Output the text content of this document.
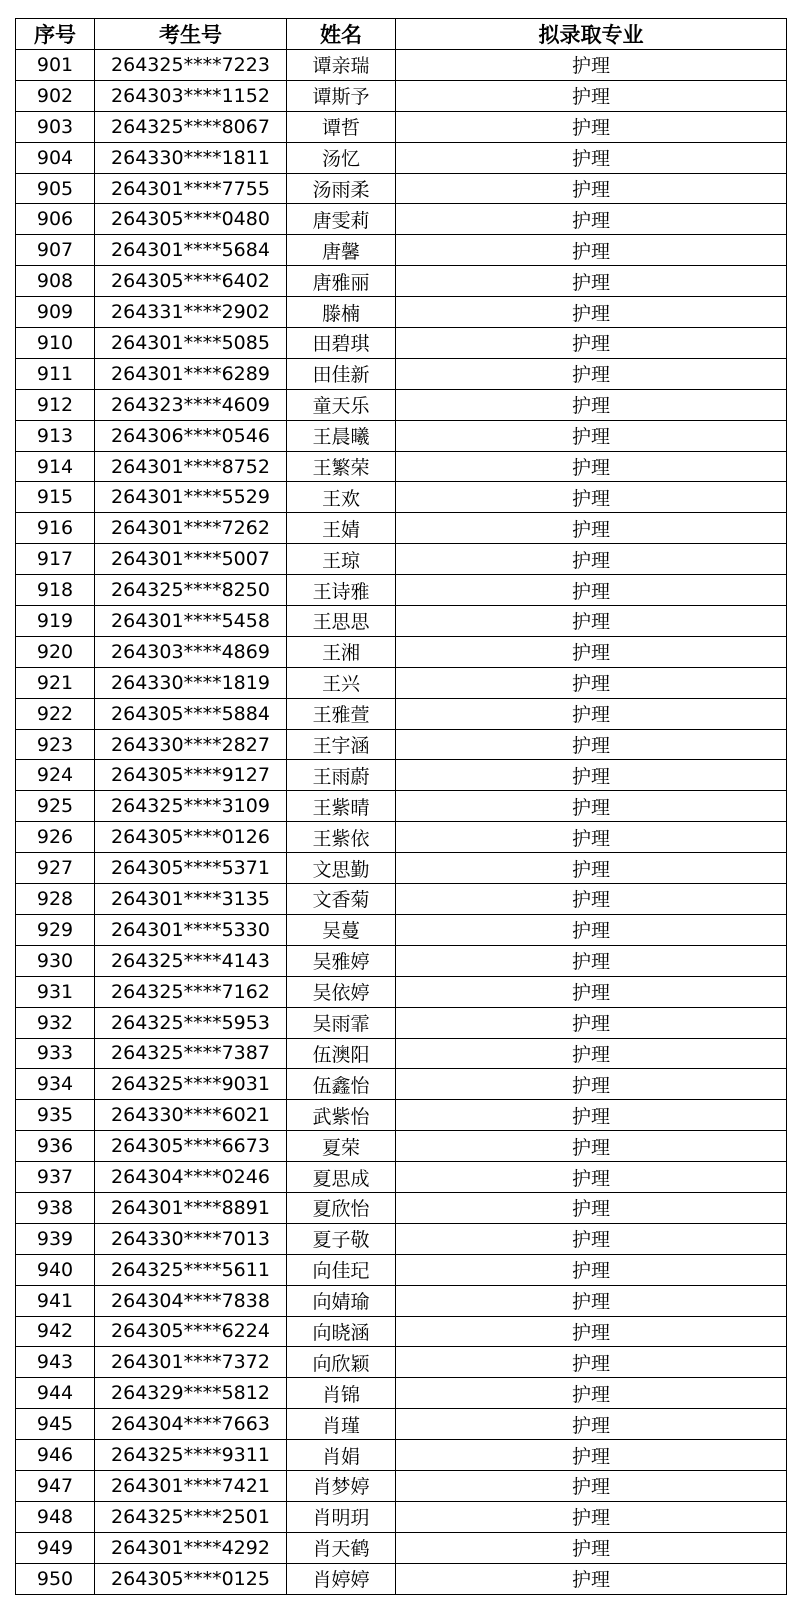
序号	考生号	姓名	拟录取专业
901	264325****7223	谭亲瑞	护理
902	264303****1152	谭斯予	护理
903	264325****8067	谭哲	护理
904	264330****1811	汤忆	护理
905	264301****7755	汤雨柔	护理
906	264305****0480	唐雯莉	护理
907	264301****5684	唐馨	护理
908	264305****6402	唐雅丽	护理
909	264331****2902	滕楠	护理
910	264301****5085	田碧琪	护理
911	264301****6289	田佳新	护理
912	264323****4609	童天乐	护理
913	264306****0546	王晨曦	护理
914	264301****8752	王繁荣	护理
915	264301****5529	王欢	护理
916	264301****7262	王婧	护理
917	264301****5007	王琼	护理
918	264325****8250	王诗雅	护理
919	264301****5458	王思思	护理
920	264303****4869	王湘	护理
921	264330****1819	王兴	护理
922	264305****5884	王雅萱	护理
923	264330****2827	王宇涵	护理
924	264305****9127	王雨蔚	护理
925	264325****3109	王紫晴	护理
926	264305****0126	王紫依	护理
927	264305****5371	文思勤	护理
928	264301****3135	文香菊	护理
929	264301****5330	吴蔓	护理
930	264325****4143	吴雅婷	护理
931	264325****7162	吴依婷	护理
932	264325****5953	吴雨霏	护理
933	264325****7387	伍澳阳	护理
934	264325****9031	伍鑫怡	护理
935	264330****6021	武紫怡	护理
936	264305****6673	夏荣	护理
937	264304****0246	夏思成	护理
938	264301****8891	夏欣怡	护理
939	264330****7013	夏子敬	护理
940	264325****5611	向佳玘	护理
941	264304****7838	向婧瑜	护理
942	264305****6224	向晓涵	护理
943	264301****7372	向欣颖	护理
944	264329****5812	肖锦	护理
945	264304****7663	肖瑾	护理
946	264325****9311	肖娟	护理
947	264301****7421	肖梦婷	护理
948	264325****2501	肖明玥	护理
949	264301****4292	肖天鹤	护理
950	264305****0125	肖婷婷	护理
